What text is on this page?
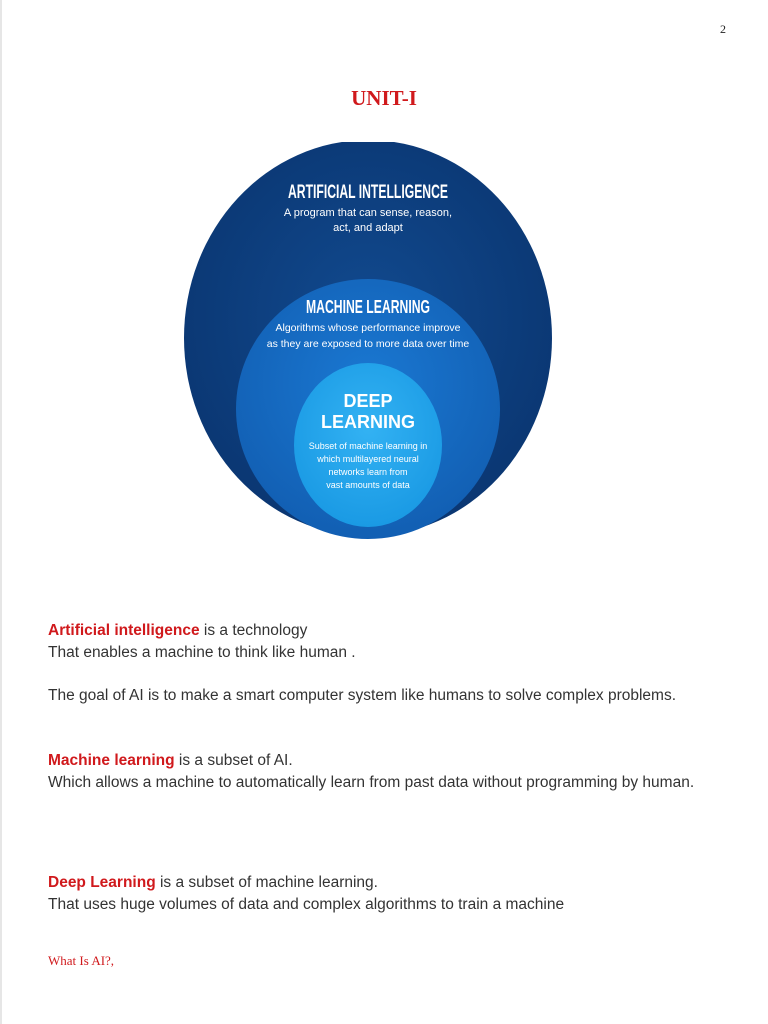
2
UNIT-I
ARTIFICIAL INTELLIGENCE
A program that can sense, reason,
act, and adapt
MACHINE LEARNING
Algorithms whose performance improve
as they are exposed to more data over time
DEEP
LEARNING
Subset of machine learning in
which multilayered neural
networks learn from
vast amounts of data

Artificial intelligence is a technology

That enables a machine to think like human .

The goal of AI is to make a smart computer system like humans to solve complex problems.

Machine learning is a subset of AI.

Which allows a machine to automatically learn from past data without programming by human.

Deep Learning is a subset of machine learning.

That uses huge volumes of data and complex algorithms to train a machine

What Is AI?,
